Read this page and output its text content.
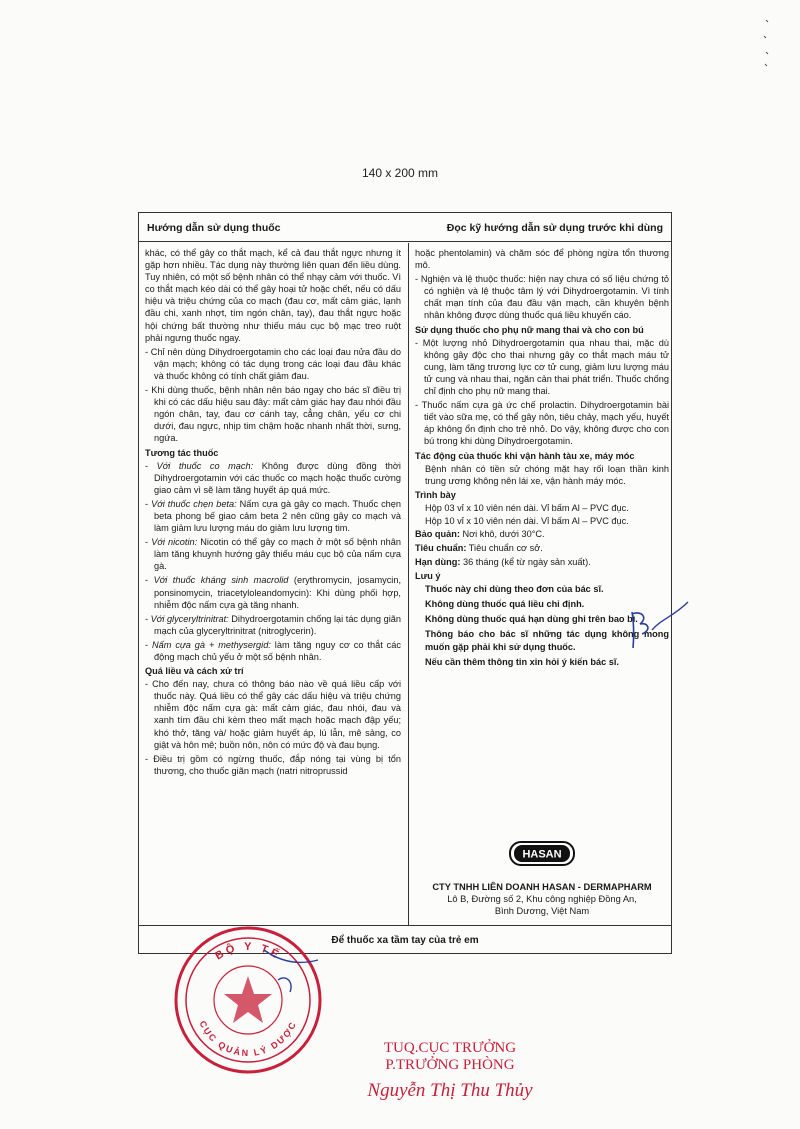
140 x 200 mm
Hướng dẫn sử dụng thuốc	Đọc kỹ hướng dẫn sử dụng trước khi dùng

khác, có thể gây co thắt mạch, kể cả đau thắt ngực nhưng ít gặp hơn nhiều. Tác dụng này thường liên quan đến liều dùng. Tuy nhiên, có một số bệnh nhân có thể nhạy cảm với thuốc. Vì co thắt mạch kéo dài có thể gây hoại tử hoặc chết, nếu có dấu hiệu và triệu chứng của co mạch (đau cơ, mất cảm giác, lạnh đầu chi, xanh nhợt, tím ngón chân, tay), đau thắt ngực hoặc hội chứng bất thường như thiếu máu cục bộ mạc treo ruột phải ngưng thuốc ngay.

- Chỉ nên dùng Dihydroergotamin cho các loại đau nửa đầu do vận mạch; không có tác dụng trong các loại đau đầu khác và thuốc không có tính chất giảm đau.

- Khi dùng thuốc, bệnh nhân nên báo ngay cho bác sĩ điều trị khi có các dấu hiệu sau đây: mất cảm giác hay đau nhói đầu ngón chân, tay, đau cơ cánh tay, cẳng chân, yếu cơ chi dưới, đau ngực, nhịp tim chậm hoặc nhanh nhất thời, sưng, ngứa.

Tương tác thuốc

- Với thuốc co mạch: Không được dùng đồng thời Dihydroergotamin với các thuốc co mạch hoặc thuốc cường giao cảm vì sẽ làm tăng huyết áp quá mức.

- Với thuốc chẹn beta: Nấm cựa gà gây co mạch. Thuốc chẹn beta phong bế giao cảm beta 2 nên cũng gây co mạch và làm giảm lưu lượng máu do giảm lưu lượng tim.

- Với nicotin: Nicotin có thể gây co mạch ở một số bệnh nhân làm tăng khuynh hướng gây thiếu máu cục bộ của nấm cựa gà.

- Với thuốc kháng sinh macrolid (erythromycin, josamycin, ponsinomycin, triacetyloleandomycin): Khi dùng phối hợp, nhiễm độc nấm cựa gà tăng nhanh.

- Với glyceryltrinitrat: Dihydroergotamin chống lại tác dụng giãn mạch của glyceryltrinitrat (nitroglycerin).

- Nấm cựa gà + methysergid: làm tăng nguy cơ co thắt các động mạch chủ yếu ở một số bệnh nhân.

Quá liều và cách xử trí

- Cho đến nay, chưa có thông báo nào về quá liều cấp với thuốc này. Quá liều có thể gây các dấu hiệu và triệu chứng nhiễm độc nấm cựa gà: mất cảm giác, đau nhói, đau và xanh tím đầu chi kèm theo mất mạch hoặc mạch đập yếu; khó thở, tăng và/ hoặc giảm huyết áp, lú lẫn, mê sảng, co giật và hôn mê; buồn nôn, nôn có mức độ và đau bụng.

- Điều trị gồm có ngừng thuốc, đắp nóng tại vùng bị tổn thương, cho thuốc giãn mạch (natri nitroprussid

hoặc phentolamin) và chăm sóc để phòng ngừa tổn thương mô.

- Nghiện và lệ thuộc thuốc: hiện nay chưa có số liệu chứng tỏ có nghiện và lệ thuộc tâm lý với Dihydroergotamin. Vì tính chất mạn tính của đau đầu vận mạch, cần khuyên bệnh nhân không được dùng thuốc quá liều khuyến cáo.

Sử dụng thuốc cho phụ nữ mang thai và cho con bú

- Một lượng nhỏ Dihydroergotamin qua nhau thai, mặc dù không gây độc cho thai nhưng gây co thắt mạch máu tử cung, làm tăng trương lực cơ tử cung, giảm lưu lượng máu tử cung và nhau thai, ngăn cản thai phát triển. Thuốc chống chỉ định cho phụ nữ mang thai.

- Thuốc nấm cựa gà ức chế prolactin. Dihydroergotamin bài tiết vào sữa mẹ, có thể gây nôn, tiêu chảy, mạch yếu, huyết áp không ổn định cho trẻ nhỏ. Do vậy, không được cho con bú trong khi dùng Dihydroergotamin.

Tác động của thuốc khi vận hành tàu xe, máy móc

Bệnh nhân có tiền sử chóng mặt hay rối loạn thần kinh trung ương không nên lái xe, vận hành máy móc.

Trình bày

Hộp 03 vỉ x 10 viên nén dài. Vỉ bấm Al – PVC đục.

Hộp 10 vỉ x 10 viên nén dài. Vỉ bấm Al – PVC đục.

Bảo quản: Nơi khô, dưới 30°C.

Tiêu chuẩn: Tiêu chuẩn cơ sở.

Hạn dùng: 36 tháng (kể từ ngày sản xuất).

Lưu ý

Thuốc này chỉ dùng theo đơn của bác sĩ.

Không dùng thuốc quá liều chỉ định.

Không dùng thuốc quá hạn dùng ghi trên bao bì.

Thông báo cho bác sĩ những tác dụng không mong muốn gặp phải khi sử dụng thuốc.

Nếu cần thêm thông tin xin hỏi ý kiến bác sĩ.

HASAN
CTY TNHH LIÊN DOANH HASAN - DERMAPHARM
Lô B, Đường số 2, Khu công nghiệp Đồng An,
Bình Dương, Việt Nam
Để thuốc xa tầm tay của trẻ em
BỘ Y TẾ
CỤC QUẢN LÝ DƯỢC
TUQ.CỤC TRƯỞNG
P.TRƯỞNG PHÒNG
Nguyễn Thị Thu Thủy
